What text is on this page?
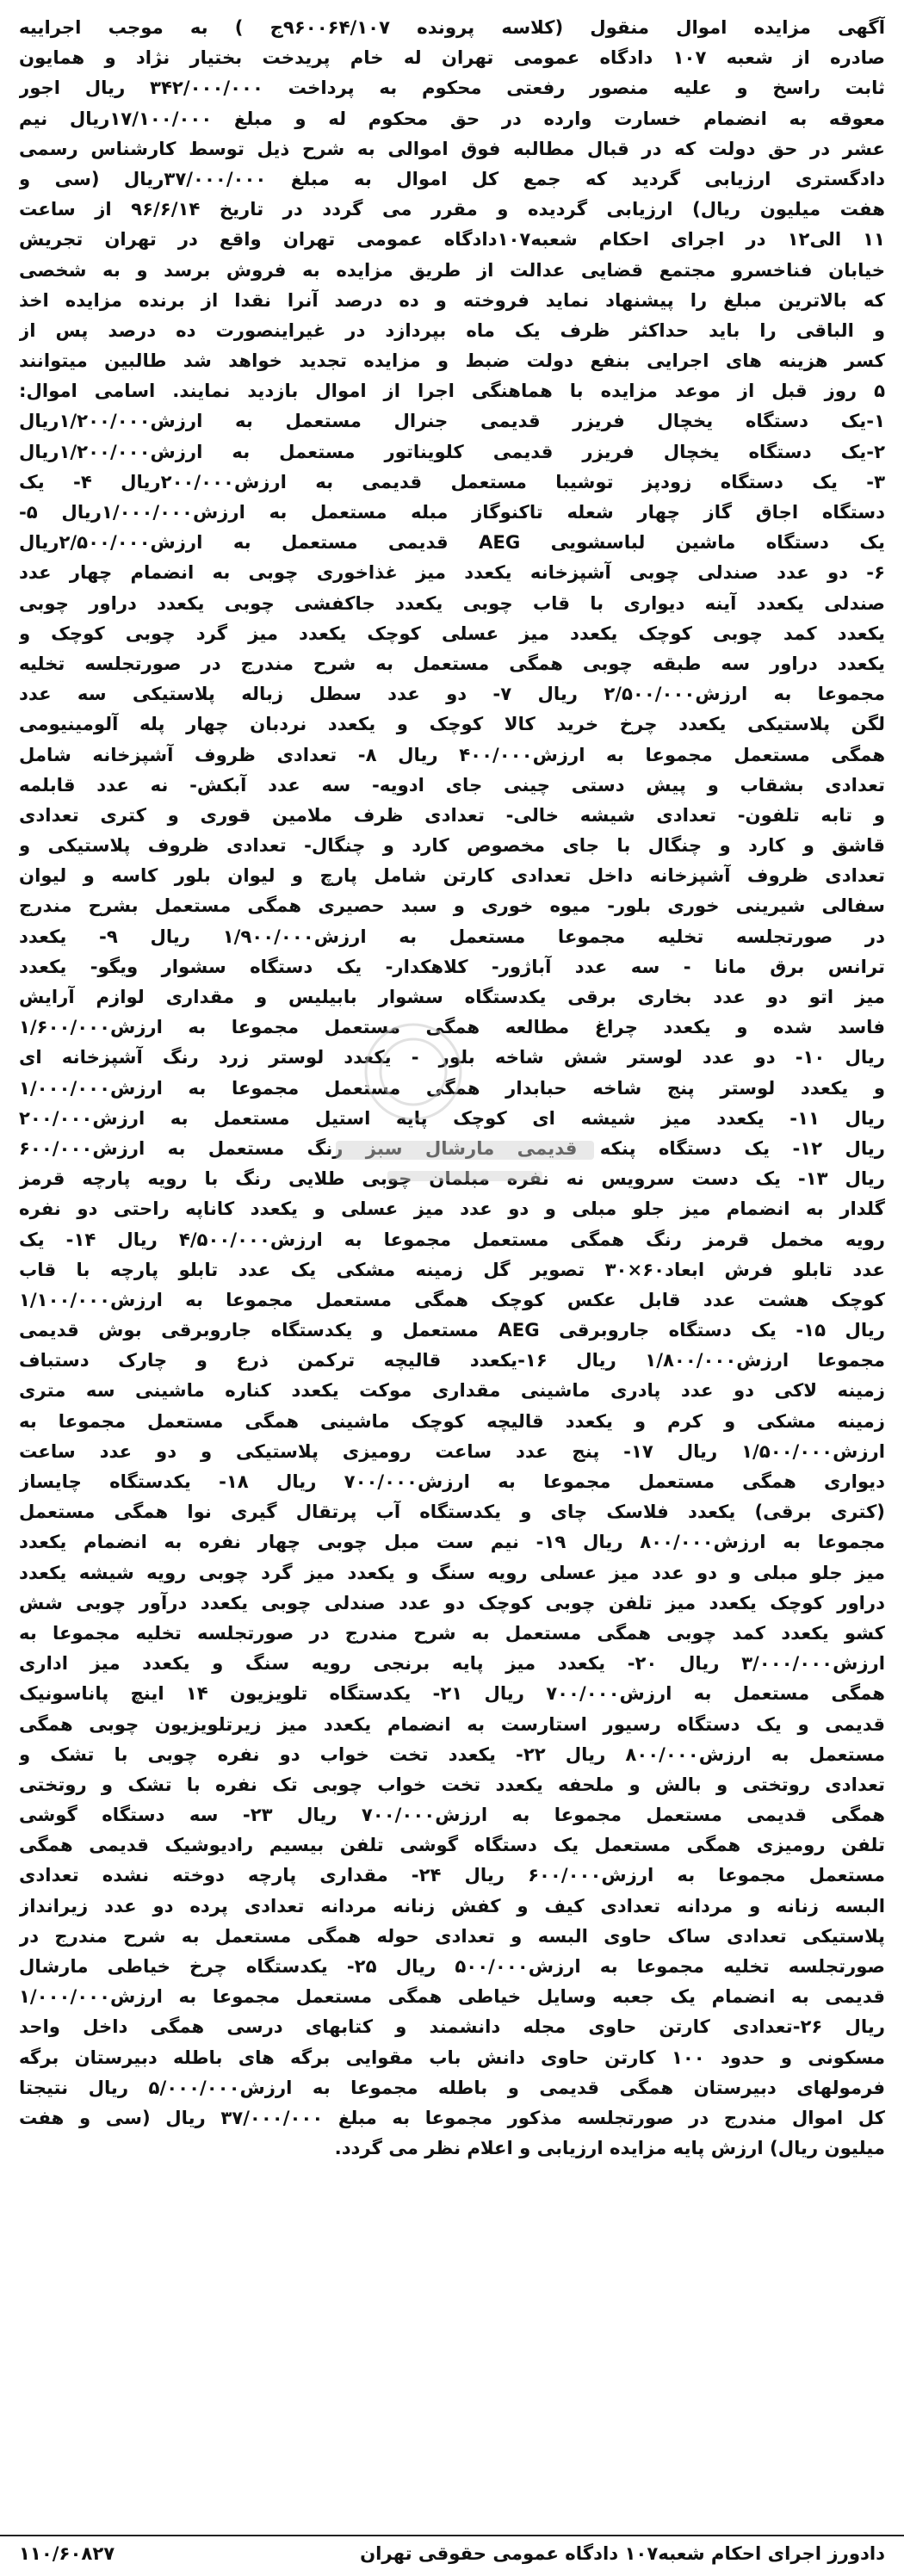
آگهی مزایده اموال منقول (کلاسه پرونده ۹۶۰۰۶۴/۱۰۷ج ) به موجب اجراییه
صادره از شعبه ۱۰۷ دادگاه عمومی تهران له خام پریدخت بختیار نژاد و همایون
ثابت راسخ و علیه منصور رفعتی محکوم به پرداخت ۳۴۲/۰۰۰/۰۰۰ ریال اجور
معوقه به انضمام خسارت وارده در حق محکوم له و مبلغ ۱۷/۱۰۰/۰۰۰ریال نیم
عشر در حق دولت که در قبال مطالبه فوق اموالی به شرح ذیل توسط کارشناس رسمی
دادگستری ارزیابی گردید که جمع کل اموال به مبلغ ۳۷/۰۰۰/۰۰۰ریال (سی و
هفت میلیون ریال) ارزیابی گردیده و مقرر می گردد در تاریخ ۹۶/۶/۱۴ از ساعت
۱۱ الی۱۲ در اجرای احکام شعبه۱۰۷دادگاه عمومی تهران واقع در تهران تجریش
خیابان فناخسرو مجتمع قضایی عدالت از طریق مزایده به فروش برسد و به شخصی
که بالاترین مبلغ را پیشنهاد نماید فروخته و ده درصد آنرا نقدا از برنده مزایده اخذ
و الباقی را باید حداکثر ظرف یک ماه بپردازد در غیراینصورت ده درصد پس از
کسر هزینه های اجرایی بنفع دولت ضبط و مزایده تجدید خواهد شد طالبین میتوانند
۵ روز قبل از موعد مزایده با هماهنگی اجرا از اموال بازدید نمایند. اسامی اموال:
۱-یک دستگاه یخچال فریزر قدیمی جنرال مستعمل به ارزش۱/۲۰۰/۰۰۰ریال
۲-یک دستگاه یخچال فریزر قدیمی کلویناتور مستعمل به ارزش۱/۲۰۰/۰۰۰ریال
۳- یک دستگاه زودپز توشیبا مستعمل قدیمی به ارزش۲۰۰/۰۰۰ریال ۴- یک
دستگاه اجاق گاز چهار شعله تاکنوگاز مبله مستعمل به ارزش۱/۰۰۰/۰۰۰ریال ۵-
یک دستگاه ماشین لباسشویی AEG قدیمی مستعمل به ارزش۲/۵۰۰/۰۰۰ریال
۶- دو عدد صندلی چوبی آشپزخانه یکعدد میز غذاخوری چوبی به انضمام چهار عدد
صندلی یکعدد آینه دیواری با قاب چوبی یکعدد جاکفشی چوبی یکعدد دراور چوبی
یکعدد کمد چوبی کوچک یکعدد میز عسلی کوچک یکعدد میز گرد چوبی کوچک و
یکعدد دراور سه طبقه چوبی همگی مستعمل به شرح مندرج در صورتجلسه تخلیه
مجموعا به ارزش۲/۵۰۰/۰۰۰ ریال ۷- دو عدد سطل زباله پلاستیکی سه عدد
لگن پلاستیکی یکعدد چرخ خرید کالا کوچک و یکعدد نردبان چهار پله آلومینیومی
همگی مستعمل مجموعا به ارزش۴۰۰/۰۰۰ ریال ۸- تعدادی ظروف آشپزخانه شامل
تعدادی بشقاب و پیش دستی چینی جای ادویه- سه عدد آبکش- نه عدد قابلمه
و تابه تلفون- تعدادی شیشه خالی- تعدادی ظرف ملامین قوری و کتری تعدادی
قاشق و کارد و چنگال با جای مخصوص کارد و چنگال- تعدادی ظروف پلاستیکی و
تعدادی ظروف آشپزخانه داخل تعدادی کارتن شامل پارچ و لیوان بلور کاسه و لیوان
سفالی شیرینی خوری بلور- میوه خوری و سبد حصیری همگی مستعمل بشرح مندرج
در صورتجلسه تخلیه مجموعا مستعمل به ارزش۱/۹۰۰/۰۰۰ ریال ۹- یکعدد
ترانس برق مانا - سه عدد آباژور- کلاهکدار- یک دستگاه سشوار ویگو- یکعدد
میز اتو دو عدد بخاری برقی یکدستگاه سشوار بابیلیس و مقداری لوازم آرایش
فاسد شده و یکعدد چراغ مطالعه همگی مستعمل مجموعا به ارزش۱/۶۰۰/۰۰۰
ریال ۱۰- دو عدد لوستر شش شاخه بلور - یکعدد لوستر زرد رنگ آشپزخانه ای
و یکعدد لوستر پنج شاخه حبابدار همگی مستعمل مجموعا به ارزش۱/۰۰۰/۰۰۰
ریال ۱۱- یکعدد میز شیشه ای کوچک پایه استیل مستعمل به ارزش۲۰۰/۰۰۰
ریال ۱۲- یک دستگاه پنکه قدیمی مارشال سبز رنگ مستعمل به ارزش۶۰۰/۰۰۰
ریال ۱۳- یک دست سرویس نه نفره مبلمان چوبی طلایی رنگ با رویه پارچه قرمز
گلدار به انضمام میز جلو مبلی و دو عدد میز عسلی و یکعدد کاناپه راحتی دو نفره
رویه مخمل قرمز رنگ همگی مستعمل مجموعا به ارزش۴/۵۰۰/۰۰۰ ریال ۱۴- یک
عدد تابلو فرش ابعاد۶۰×۳۰ تصویر گل زمینه مشکی یک عدد تابلو پارچه با قاب
کوچک هشت عدد قابل عکس کوچک همگی مستعمل مجموعا به ارزش۱/۱۰۰/۰۰۰
ریال ۱۵- یک دستگاه جاروبرقی AEG مستعمل و یکدستگاه جاروبرقی بوش قدیمی
مجموعا ارزش۱/۸۰۰/۰۰۰ ریال ۱۶-یکعدد قالیچه ترکمن ذرع و چارک دستباف
زمینه لاکی دو عدد پادری ماشینی مقداری موکت یکعدد کناره ماشینی سه متری
زمینه مشکی و کرم و یکعدد قالیچه کوچک ماشینی همگی مستعمل مجموعا به
ارزش۱/۵۰۰/۰۰۰ ریال ۱۷- پنج عدد ساعت رومیزی پلاستیکی و دو عدد ساعت
دیواری همگی مستعمل مجموعا به ارزش۷۰۰/۰۰۰ ریال ۱۸- یکدستگاه چایساز
(کتری برقی) یکعدد فلاسک چای و یکدستگاه آب پرتقال گیری نوا همگی مستعمل
مجموعا به ارزش۸۰۰/۰۰۰ ریال ۱۹- نیم ست مبل چوبی چهار نفره به انضمام یکعدد
میز جلو مبلی و دو عدد میز عسلی رویه سنگ و یکعدد میز گرد چوبی رویه شیشه یکعدد
دراور کوچک یکعدد میز تلفن چوبی کوچک دو عدد صندلی چوبی یکعدد درآور چوبی شش
کشو یکعدد کمد چوبی همگی مستعمل به شرح مندرج در صورتجلسه تخلیه مجموعا به
ارزش۳/۰۰۰/۰۰۰ ریال ۲۰- یکعدد میز پایه برنجی رویه سنگ و یکعدد میز اداری
همگی مستعمل به ارزش۷۰۰/۰۰۰ ریال ۲۱- یکدستگاه تلویزیون ۱۴ اینچ پاناسونیک
قدیمی و یک دستگاه رسیور استارست به انضمام یکعدد میز زیرتلویزیون چوبی همگی
مستعمل به ارزش۸۰۰/۰۰۰ ریال ۲۲- یکعدد تخت خواب دو نفره چوبی با تشک و
تعدادی روتختی و بالش و ملحفه یکعدد تخت خواب چوبی تک نفره با تشک و روتختی
همگی قدیمی مستعمل مجموعا به ارزش۷۰۰/۰۰۰ ریال ۲۳- سه دستگاه گوشی
تلفن رومیزی همگی مستعمل یک دستگاه گوشی تلفن بیسیم رادیوشیک قدیمی همگی
مستعمل مجموعا به ارزش۶۰۰/۰۰۰ ریال ۲۴- مقداری پارچه دوخته نشده تعدادی
البسه زنانه و مردانه تعدادی کیف و کفش زنانه مردانه تعدادی پرده دو عدد زیرانداز
پلاستیکی تعدادی ساک حاوی البسه و تعدادی حوله همگی مستعمل به شرح مندرج در
صورتجلسه تخلیه مجموعا به ارزش۵۰۰/۰۰۰ ریال ۲۵- یکدستگاه چرخ خیاطی مارشال
قدیمی به انضمام یک جعبه وسایل خیاطی همگی مستعمل مجموعا به ارزش۱/۰۰۰/۰۰۰
ریال ۲۶-تعدادی کارتن حاوی مجله دانشمند و کتابهای درسی همگی داخل واحد
مسکونی و حدود ۱۰۰ کارتن حاوی دانش باب مقوایی برگه های باطله دبیرستان برگه
فرمولهای دبیرستان همگی قدیمی و باطله مجموعا به ارزش۵/۰۰۰/۰۰۰ ریال نتیجتا
کل اموال مندرج در صورتجلسه مذکور مجموعا به مبلغ ۳۷/۰۰۰/۰۰۰ ریال (سی و هفت
میلیون ریال) ارزش پایه مزایده ارزیابی و اعلام نظر می گردد.
دادورز اجرای احکام شعبه۱۰۷ دادگاه عمومی حقوقی تهران
۱۱۰/۶۰۸۲۷
